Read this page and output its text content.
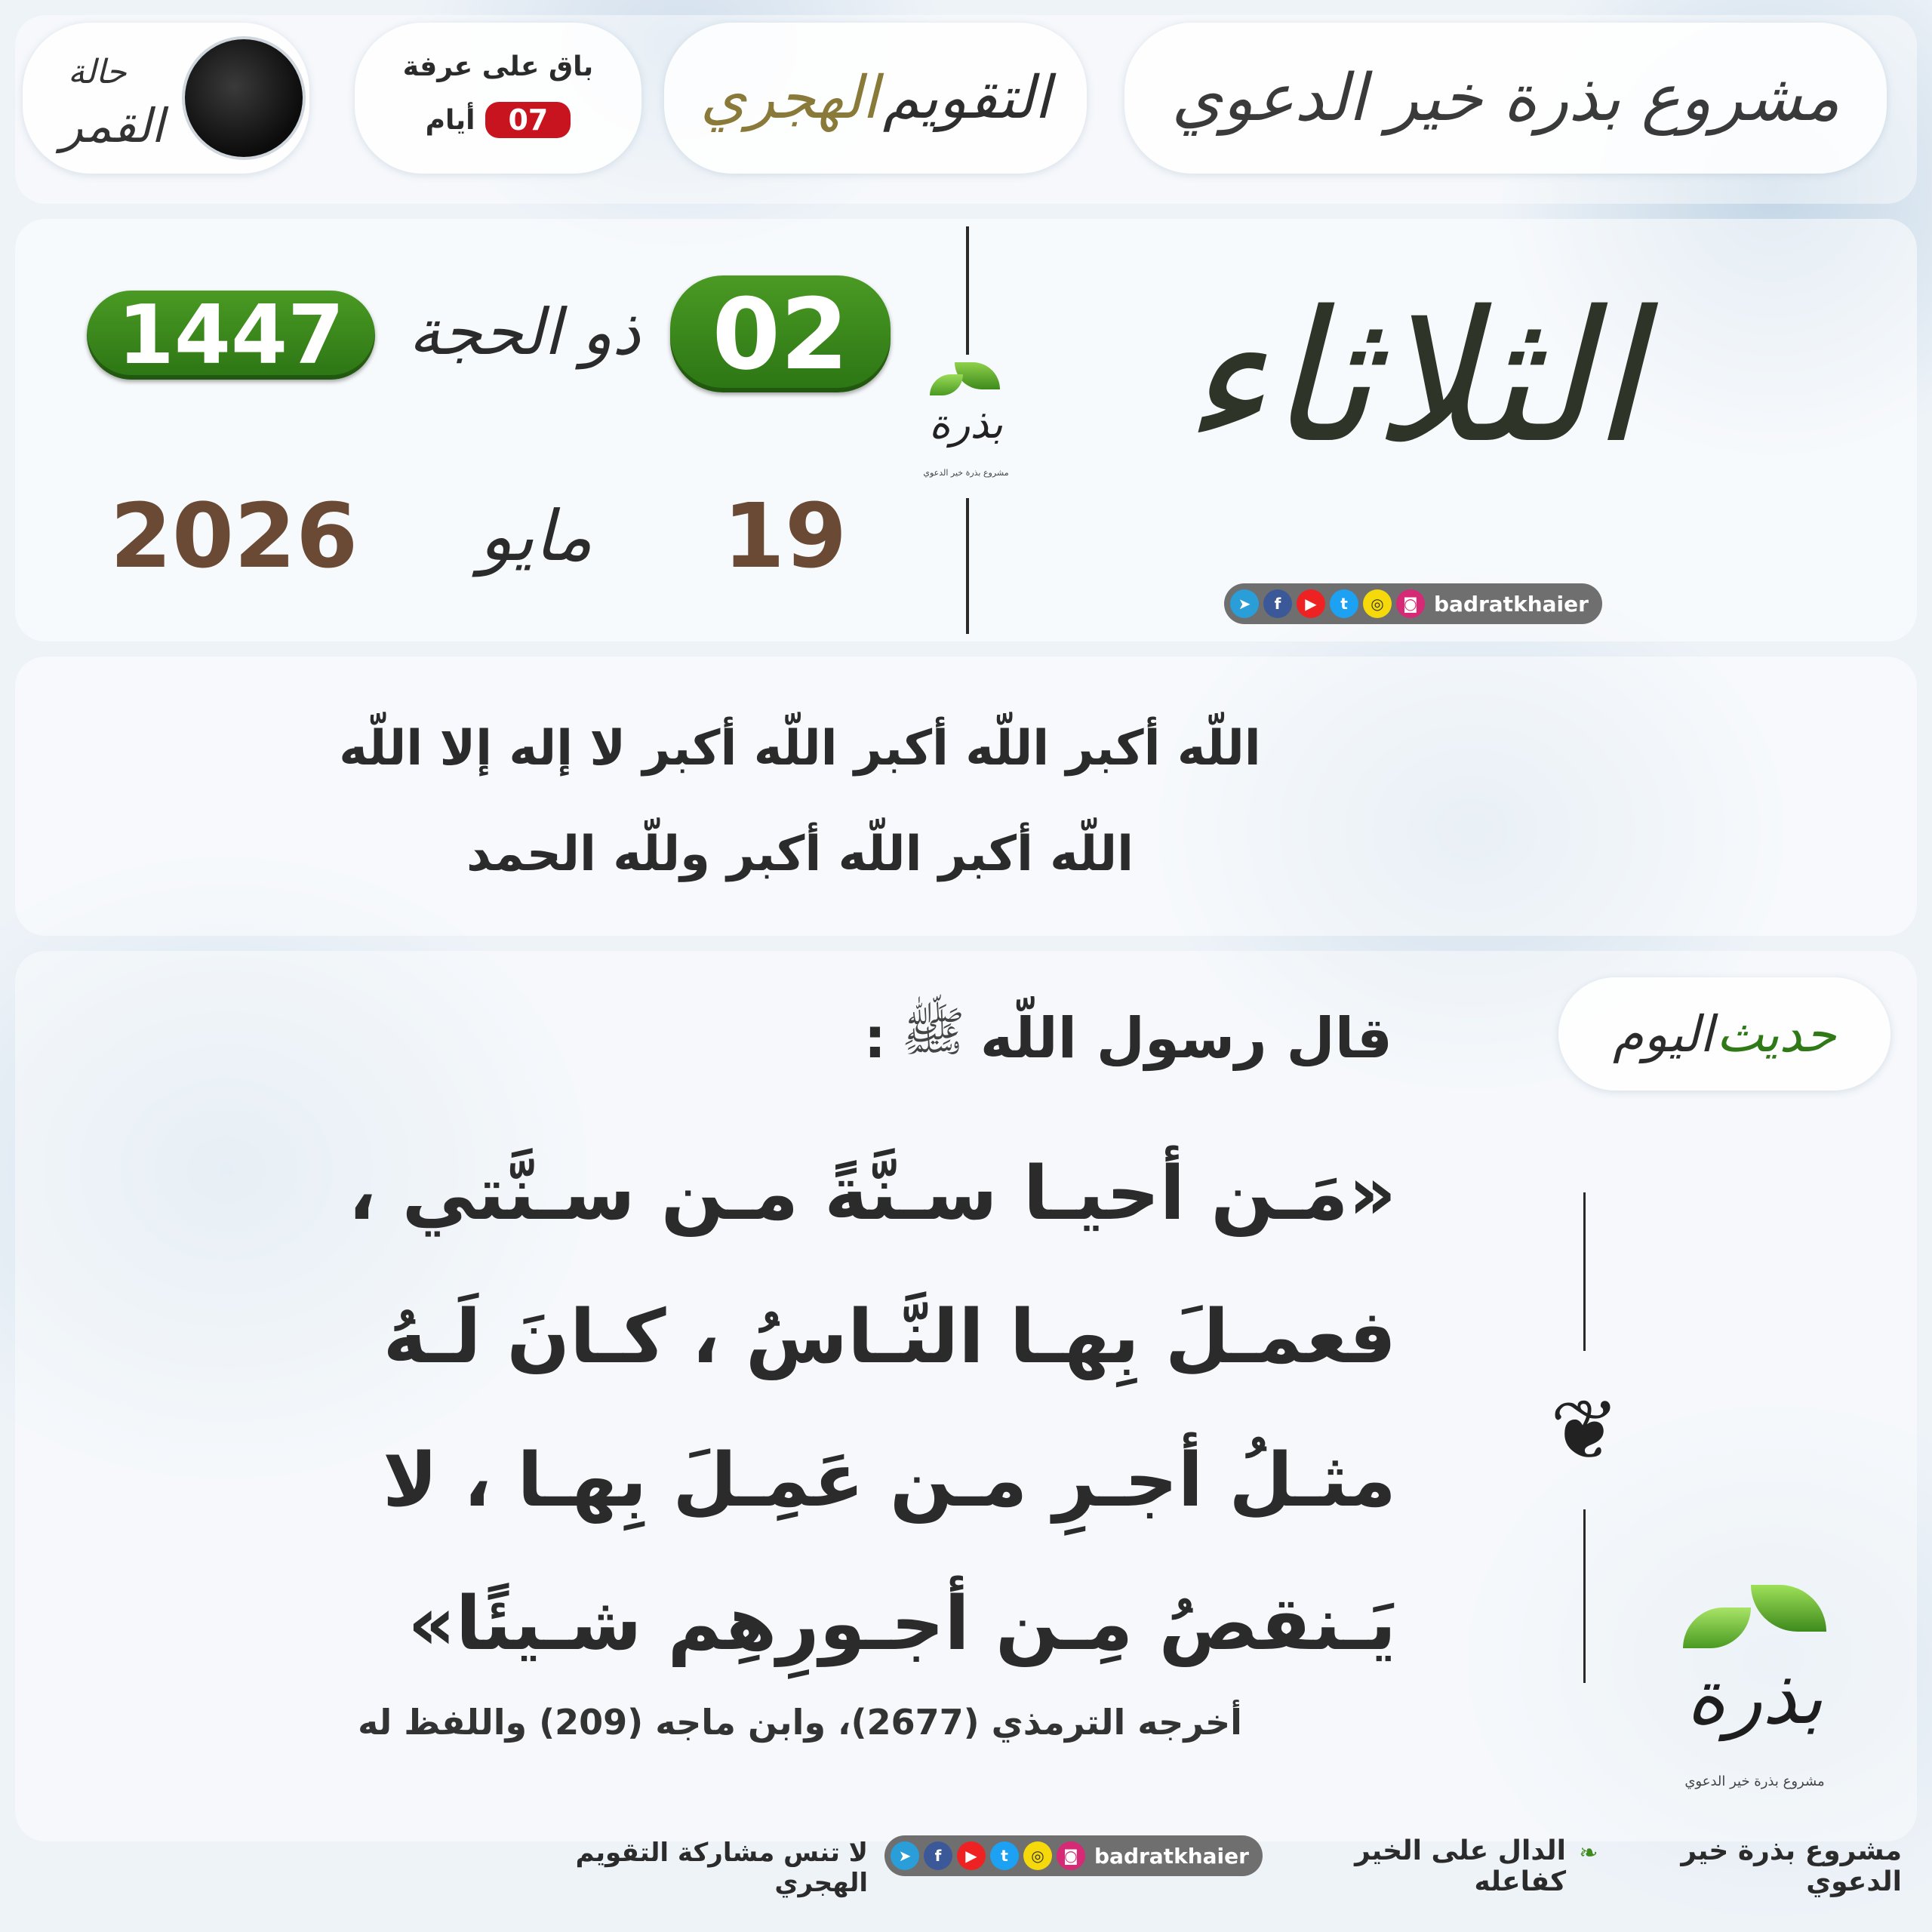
مشروع بذرة خير الدعوي
التقويم
الهجري
باق على عرفة
07
أيام
حالة
القمر
الثلاثاء
➤	f	▶	t	◎	◙ badratkhaier
بذرة
مشروع بذرة خير الدعوي
02
ذو الحجة
1447
19
مايو
2026
اللّه أكبر اللّه أكبر اللّه أكبر لا إله إلا اللّه
اللّه أكبر اللّه أكبر وللّه الحمد
حديث
اليوم
قال رسول اللّه
ﷺ
:
«مَـن أحيـا سـنَّةً مـن سـنَّتي ،
فعمـلَ بِهـا النَّـاسُ ، كـانَ لَـهُ
مثـلُ أجـرِ مـن عَمِـلَ بِهـا ، لا
يَـنقصُ مِـن أجـورِهِم شـيئًا»
أخرجه الترمذي (2677)، وابن ماجه (209) واللفظ له
❦
بذرة
مشروع بذرة خير الدعوي
مشروع بذرة خير الدعوي
❧
الدال على الخير كفاعله
➤	f	▶	t	◎	◙ badratkhaier
لا تنس مشاركة التقويم الهجري
